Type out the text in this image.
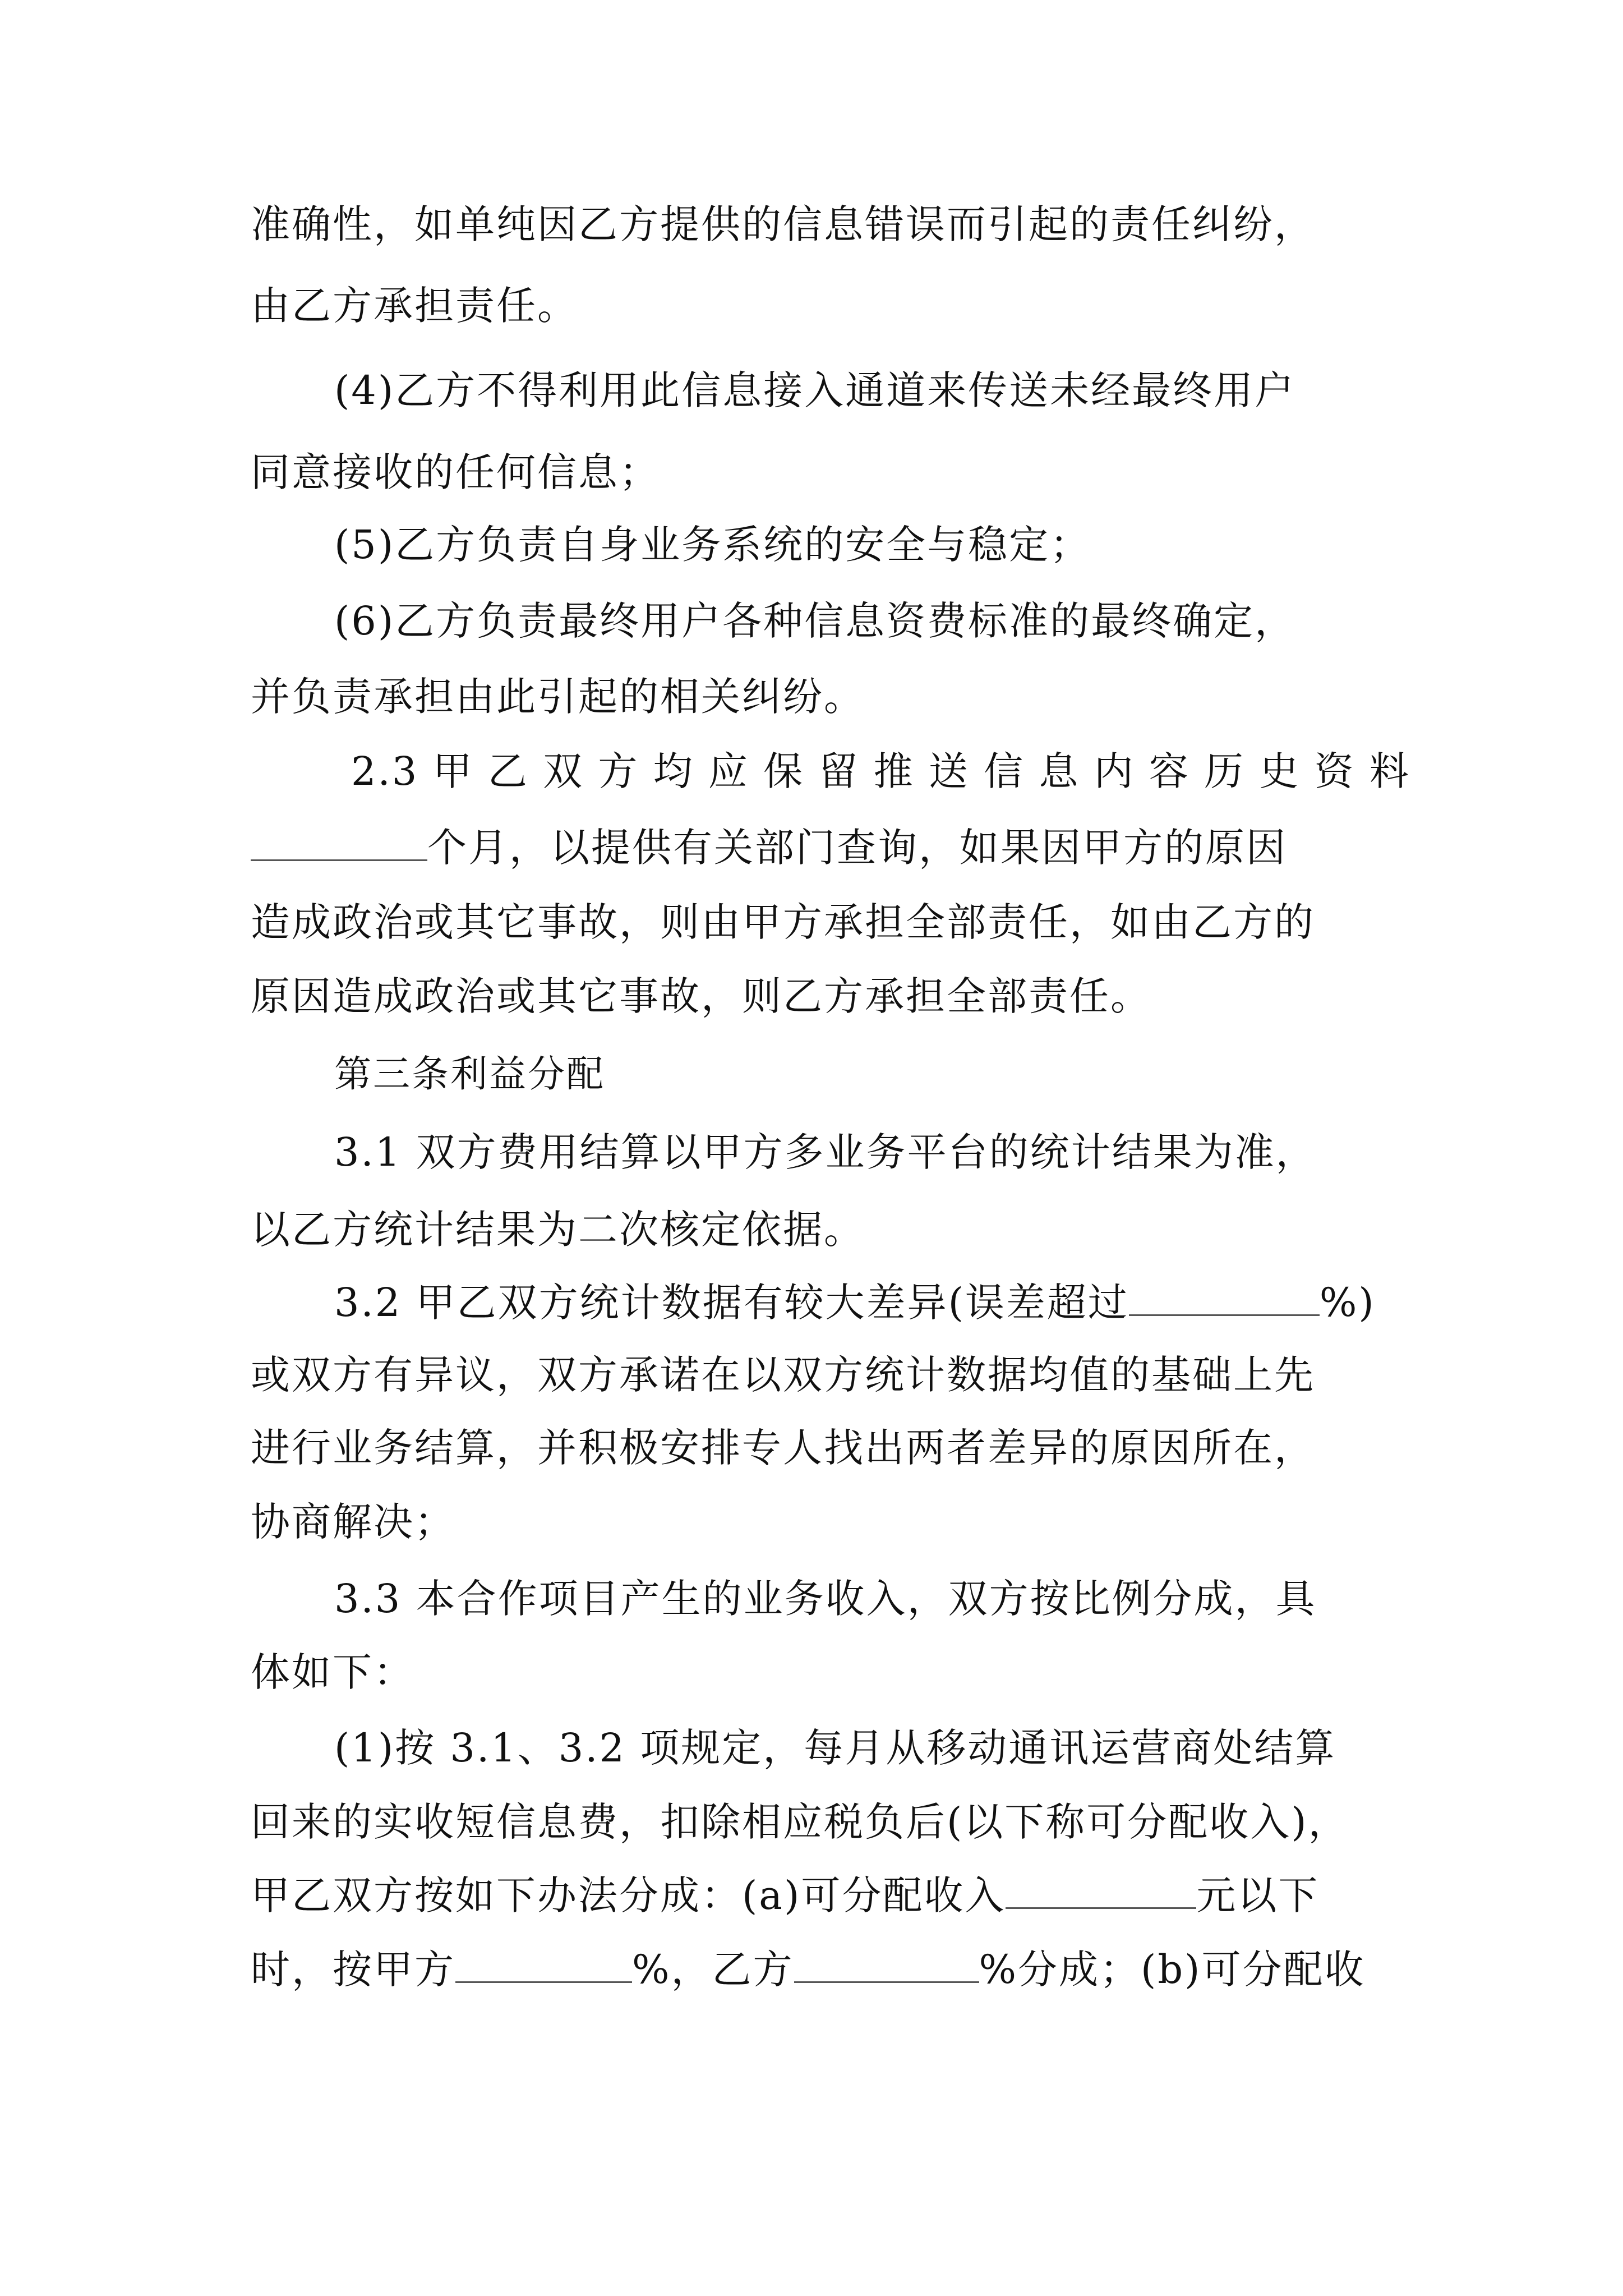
准确性，如单纯因乙方提供的信息错误而引起的责任纠纷，
由乙方承担责任。
(4)乙方不得利用此信息接入通道来传送未经最终用户
同意接收的任何信息；
(5)乙方负责自身业务系统的安全与稳定；
(6)乙方负责最终用户各种信息资费标准的最终确定，
并负责承担由此引起的相关纠纷。
2.3 甲 乙 双 方 均 应 保 留 推 送 信 息 内 容 历 史 资 料
个月，以提供有关部门查询，如果因甲方的原因
造成政治或其它事故，则由甲方承担全部责任，如由乙方的
原因造成政治或其它事故，则乙方承担全部责任。
第三条利益分配
3.1 双方费用结算以甲方多业务平台的统计结果为准，
以乙方统计结果为二次核定依据。
3.2 甲乙双方统计数据有较大差异(误差超过	%)
或双方有异议，双方承诺在以双方统计数据均值的基础上先
进行业务结算，并积极安排专人找出两者差异的原因所在，
协商解决；
3.3 本合作项目产生的业务收入，双方按比例分成，具
体如下：
(1)按 3.1、3.2 项规定，每月从移动通讯运营商处结算
回来的实收短信息费，扣除相应税负后(以下称可分配收入)，
甲乙双方按如下办法分成：(a)可分配收入	元以下
时，按甲方	%，乙方	%分成；(b)可分配收
